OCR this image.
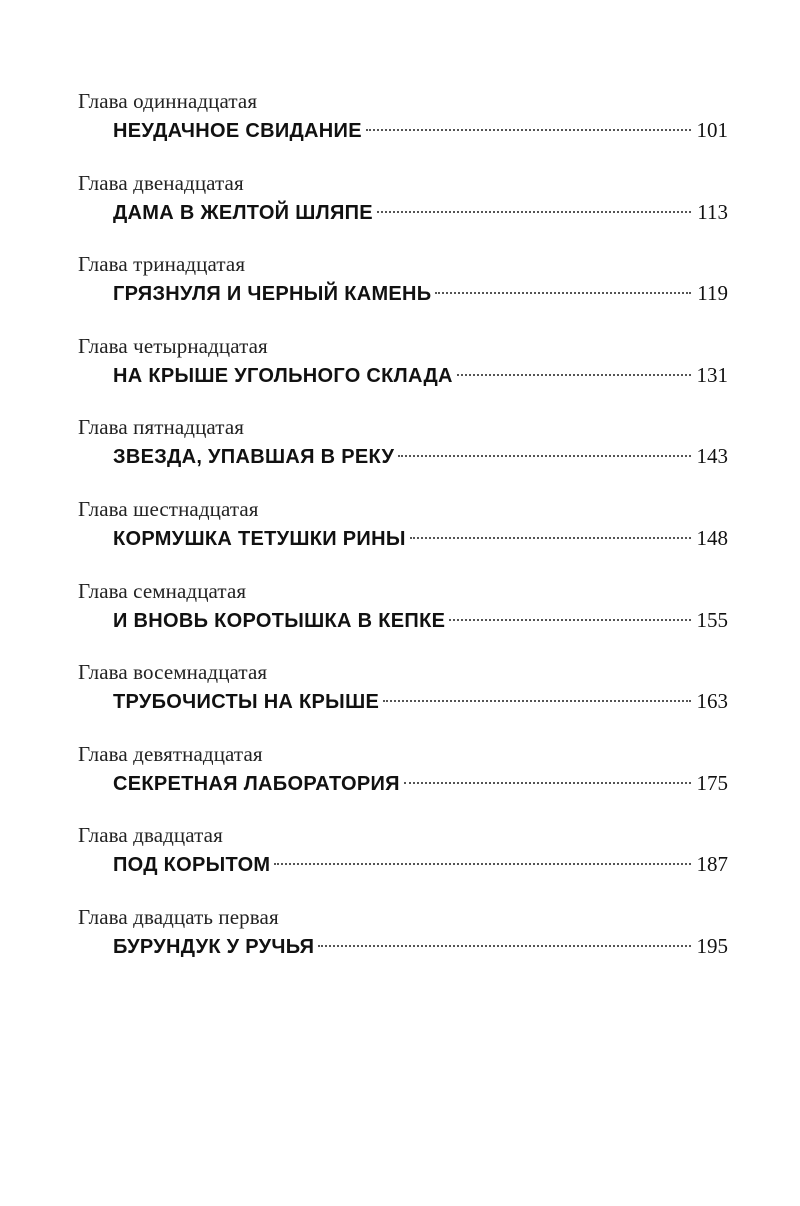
Глава одиннадцатая
НЕУДАЧНОЕ СВИДАНИЕ	101
Глава двенадцатая
ДАМА В ЖЕЛТОЙ ШЛЯПЕ	113
Глава тринадцатая
ГРЯЗНУЛЯ И ЧЕРНЫЙ КАМЕНЬ	119
Глава четырнадцатая
НА КРЫШЕ УГОЛЬНОГО СКЛАДА	131
Глава пятнадцатая
ЗВЕЗДА, УПАВШАЯ В РЕКУ	143
Глава шестнадцатая
КОРМУШКА ТЕТУШКИ РИНЫ	148
Глава семнадцатая
И ВНОВЬ КОРОТЫШКА В КЕПКЕ	155
Глава восемнадцатая
ТРУБОЧИСТЫ НА КРЫШЕ	163
Глава девятнадцатая
СЕКРЕТНАЯ ЛАБОРАТОРИЯ	175
Глава двадцатая
ПОД КОРЫТОМ	187
Глава двадцать первая
БУРУНДУК У РУЧЬЯ	195
